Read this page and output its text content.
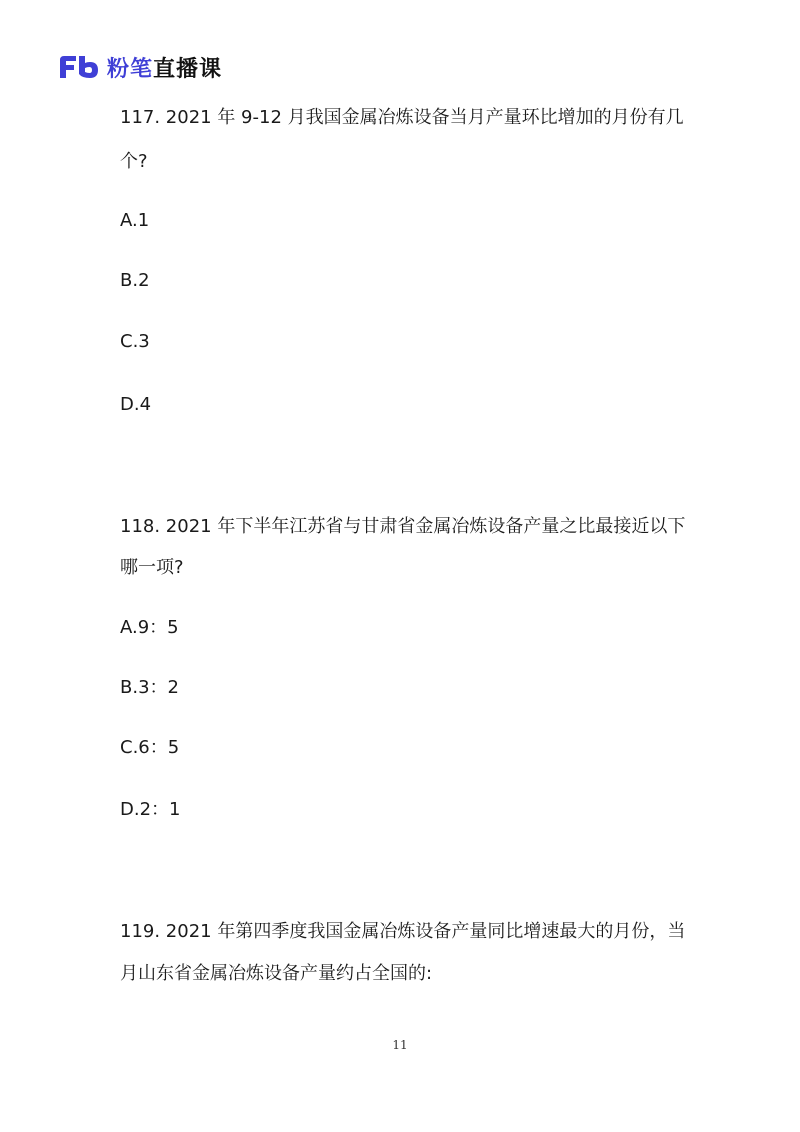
粉笔 直播课
117. 2021 年 9-12 月我国金属冶炼设备当月产量环比增加的月份有几
个?
A.1
B.2
C.3
D.4
118. 2021 年下半年江苏省与甘肃省金属冶炼设备产量之比最接近以下
哪一项?
A.9：5
B.3：2
C.6：5
D.2：1
119. 2021 年第四季度我国金属冶炼设备产量同比增速最大的月份，当
月山东省金属冶炼设备产量约占全国的:
11
